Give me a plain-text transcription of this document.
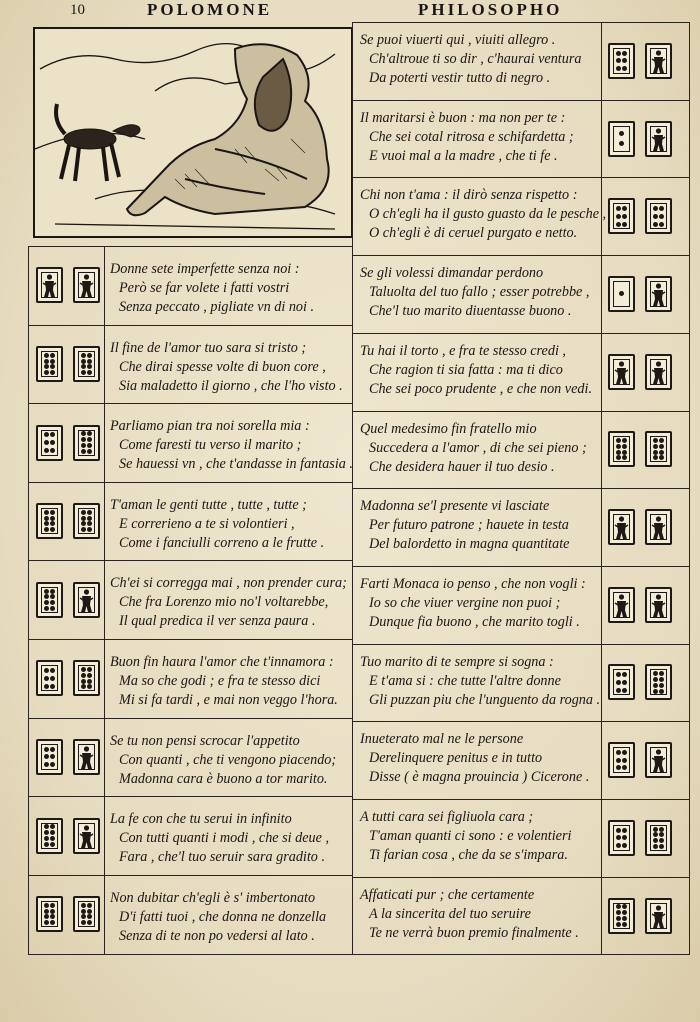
10	POLOMONE	PHILOSOPHO
Donne sete imperfette senza noi :
Però se far volete i fatti vostri
Senza peccato , pigliate vn di noi .
Il fine de l'amor tuo sara si tristo ;
Che dirai spesse volte di buon core ,
Sia maladetto il giorno , che l'ho visto .
Parliamo pian tra noi sorella mia :
Come faresti tu verso il marito ;
Se hauessi vn , che t'andasse in fantasia .
T'aman le genti tutte , tutte , tutte ;
E correrieno a te si volontieri ,
Come i fanciulli correno a le frutte .
Ch'ei si corregga mai , non prender cura;
Che fra Lorenzo mio no'l voltarebbe,
Il qual predica il ver senza paura .
Buon fin haura l'amor che t'innamora :
Ma so che godi ; e fra te stesso dici
Mi si fa tardi , e mai non veggo l'hora.
Se tu non pensi scrocar l'appetito
Con quanti , che ti vengono piacendo;
Madonna cara è buono a tor marito.
La fe con che tu serui in infinito
Con tutti quanti i modi , che si deue ,
Fara , che'l tuo seruir sara gradito .
Non dubitar ch'egli è s' imbertonato
D'i fatti tuoi , che donna ne donzella
Senza di te non po vedersi al lato .
Se puoi viuerti qui , viuiti allegro .
Ch'altroue ti so dir , c'haurai ventura
Da poterti vestir tutto di negro .
Il maritarsi è buon : ma non per te :
Che sei cotal ritrosa e schifardetta ;
E vuoi mal a la madre , che ti fe .
Chi non t'ama : il dirò senza rispetto :
O ch'egli ha il gusto guasto da le pesche ,
O ch'egli è di ceruel purgato e netto.
Se gli volessi dimandar perdono
Taluolta del tuo fallo ; esser potrebbe ,
Che'l tuo marito diuentasse buono .
Tu hai il torto , e fra te stesso credi ,
Che ragion ti sia fatta : ma ti dico
Che sei poco prudente , e che non vedi.
Quel medesimo fin fratello mio
Succedera a l'amor , di che sei pieno ;
Che desidera hauer il tuo desio .
Madonna se'l presente vi lasciate
Per futuro patrone ; hauete in testa
Del balordetto in magna quantitate
Farti Monaca io penso , che non vogli :
Io so che viuer vergine non puoi ;
Dunque fia buono , che marito togli .
Tuo marito di te sempre si sogna :
E t'ama si : che tutte l'altre donne
Gli puzzan piu che l'unguento da rogna .
Inueterato mal ne le persone
Derelinquere penitus e in tutto
Disse ( è magna prouincia ) Cicerone .
A tutti cara sei figliuola cara ;
T'aman quanti ci sono : e volentieri
Ti farian cosa , che da se s'impara.
Affaticati pur ; che certamente
A la sincerita del tuo seruire
Te ne verrà buon premio finalmente .
